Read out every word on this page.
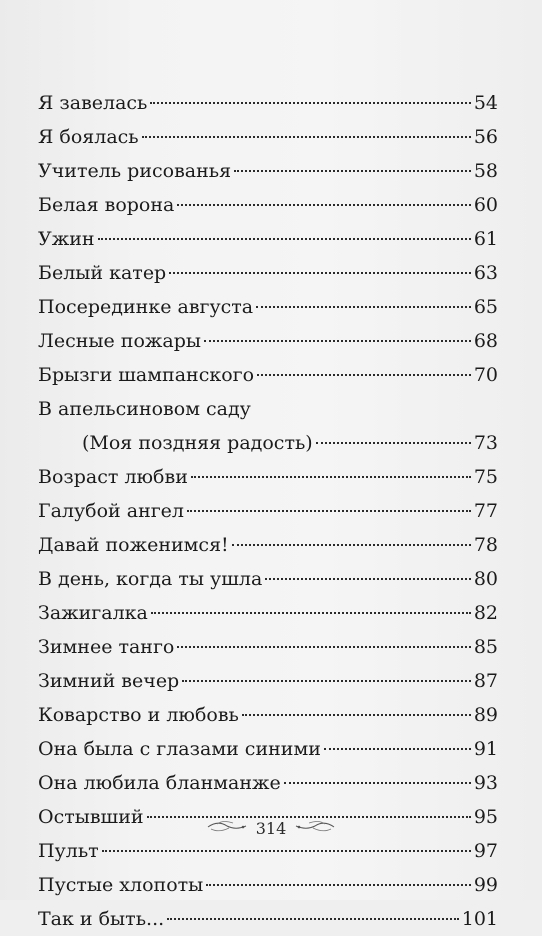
Я завелась	54
Я боялась	56
Учитель рисованья	58
Белая ворона	60
Ужин	61
Белый катер	63
Посерединке августа	65
Лесные пожары	68
Брызги шампанского	70
В апельсиновом саду
(Моя поздняя радость)	73
Возраст любви	75
Галубой ангел	77
Давай поженимся!	78
В день, когда ты ушла	80
Зажигалка	82
Зимнее танго	85
Зимний вечер	87
Коварство и любовь	89
Она была с глазами синими	91
Она любила бланманже	93
Остывший	95
Пульт	97
Пустые хлопоты	99
Так и быть...	101
314
